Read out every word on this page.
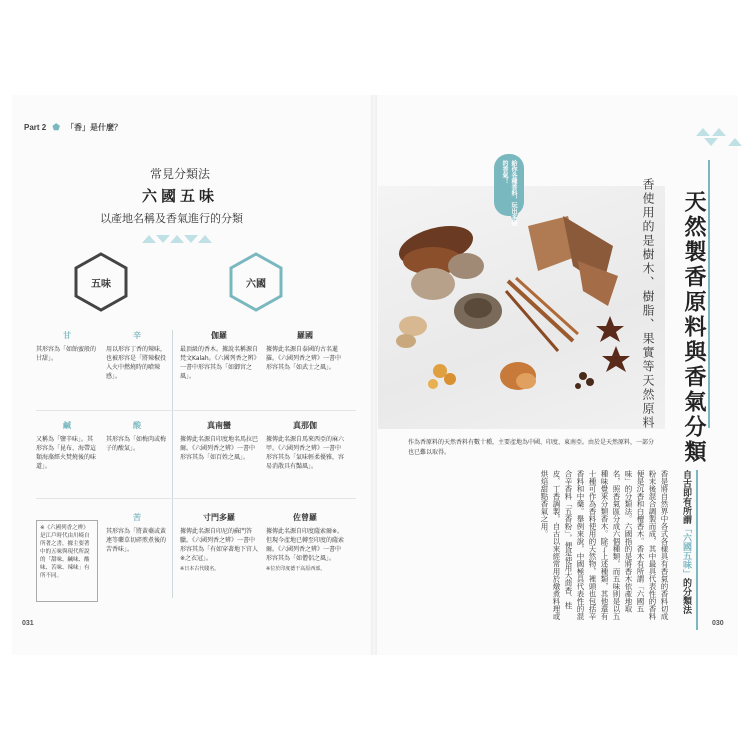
Part 2 ⬟ 「香」是什麼？
常見分類法
六國五味
以產地名稱及香氣進行的分類
五味	六國
甘
其形容為「如飴蜜般的甘甜」。
辛
用以形容丁香的辣味，也被形容是「將辣椒投入火中燃燒時的嗆辣感」。
鹹
又稱為「鹽辛味」。其形容為「昆布、海帶這類海藻經火焚燒後的味道」。
酸
其形容為「如梅肉或梅子的酸氣」。
苦
其形容為「將黃蘗或黃連等藥草切碎煎煮後的苦香味」。
伽羅
最頂級的香木。據說名稱源自梵文Kalah。《六國列香之辨》一書中形容其為「如御宮之風」。
羅國
據傳此名源自泰國的古名暹羅。《六國列香之辨》一書中形容其為「如武士之風」。
真南蠻
據傳此名源自印度地名馬拉巴爾。《六國列香之辨》一書中形容其為「如百姓之風」。
真那伽
據傳此名源自馬來西亞的麻六甲。《六國列香之辨》一書中形容其為「氣味輕柔優雅，容易消散具有豔風」。
寸門多羅
據傳此名源自印尼的蘇門答臘。《六國列香之辨》一書中形容其為「有如穿著地下官人※之衣冠」。
※日本古代賤名。
佐曾羅
據傳此名源自印度薩索爾※。但現今產地已轉至印度的薩索爾。《六國列香之辨》一書中形容其為「如僧侶之風」。
※位於印度德干高原西部。
※《六國列香之辨》是江戶時代由川崎自所著之書，據主要著中的五味與現代所說的「甜味、鹹味、酸味、苦味、辣味」有所不同。
031	030
給你各種香料，玩出多變的香氣！
作為香原料的天然香料有數十種，主要產地為中國、印度、東南亞。由於是天然原料，一部分也已難以取得。	天然製香原料與香氣分類
香使用的是樹木、樹脂、果實等天然原料
自古即有所謂「六國五味」的分類法
香是將自然界中各式各樣具有香氣的香料切成粉末後混合調製而成，其中最具代表性的香料便是沉香和白檀香木。香木有所謂「六國五味」的分類法。六國指的是將香木依產地取名，照香氣區分成六個種類，而五味則是以五種味覺來分類香木。除了上述種類，其他還有十種可作為香料使用的天然物，裡頭也包括辛香料和中藥。舉例來說，中國極具代表性的混合辛香料「五香粉」，便是使用大茴香、桂皮、丁香調製，自古以來經常用於燉煮料理或烘焙甜點香氣之用。
